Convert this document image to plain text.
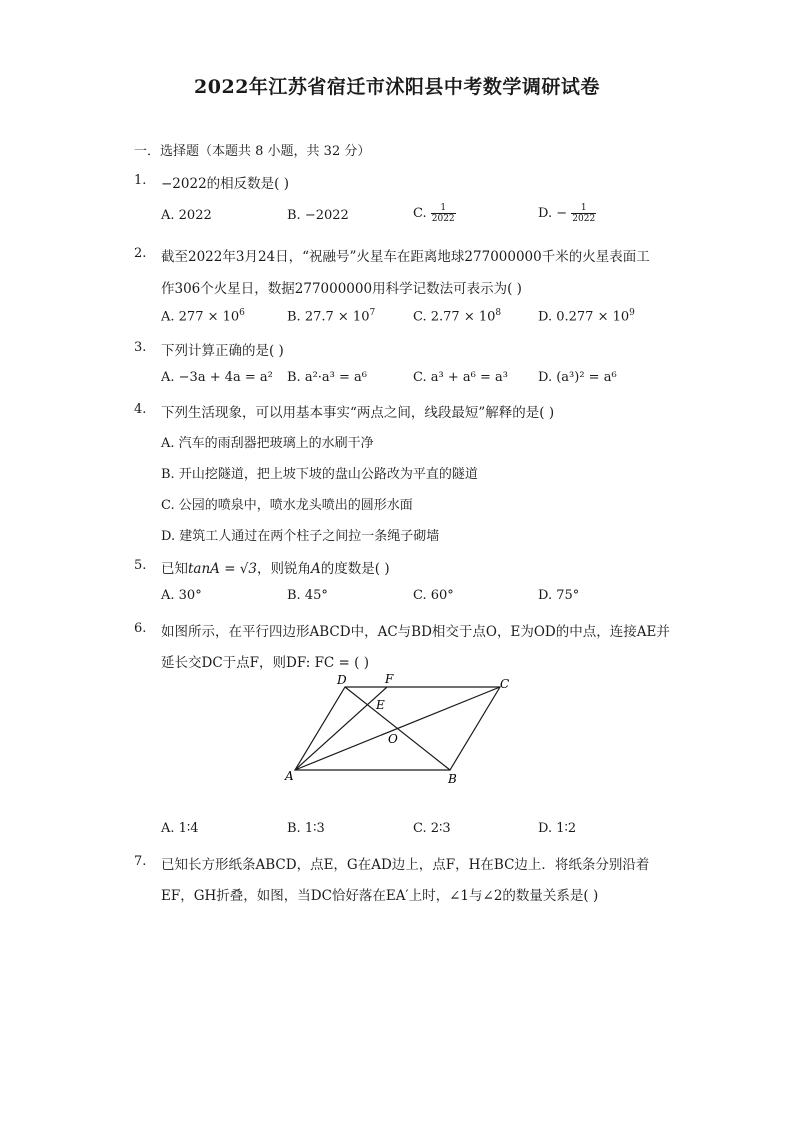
2022年江苏省宿迁市沭阳县中考数学调研试卷
一．选择题（本题共 8 小题，共 32 分）
1. −2022的相反数是( )
A. 2022	B. −2022	C. $\frac{1}{2022}$	D. − $\frac{1}{2022}$
2. 截至2022年3月24日，“祝融号”火星车在距离地球277000000千米的火星表面工
作306个火星日，数据277000000用科学记数法可表示为( )
A. $277 \times 10^6$	B. $27.7 \times 10^7$	C. $2.77 \times 10^8$	D. $0.277 \times 10^9$
3. 下列计算正确的是( )
A. −3a + 4a = a² B. a²·a³ = a⁶	C. a³ + a⁶ = a³ D. (a³)² = a⁶
4. 下列生活现象，可以用基本事实“两点之间，线段最短”解释的是( )
A. 汽车的雨刮器把玻璃上的水刷干净
B. 开山挖隧道，把上坡下坡的盘山公路改为平直的隧道
C. 公园的喷泉中，喷水龙头喷出的圆形水面
D. 建筑工人通过在两个柱子之间拉一条绳子砌墙
5. 已知tanA = √3，则锐角A的度数是( )
A. 30°	B. 45°	C. 60°	D. 75°
6. 如图所示，在平行四边形ABCD中，AC与BD相交于点O，E为OD的中点，连接AE并
延长交DC于点F，则DF: FC = ( )
D	F	C
E
O
A	B
A. 1∶4	B. 1∶3	C. 2∶3	D. 1∶2
7. 已知长方形纸条ABCD，点E，G在AD边上，点F，H在BC边上．将纸条分别沿着
EF，GH折叠，如图，当DC恰好落在EA′上时，∠1与∠2的数量关系是( )
